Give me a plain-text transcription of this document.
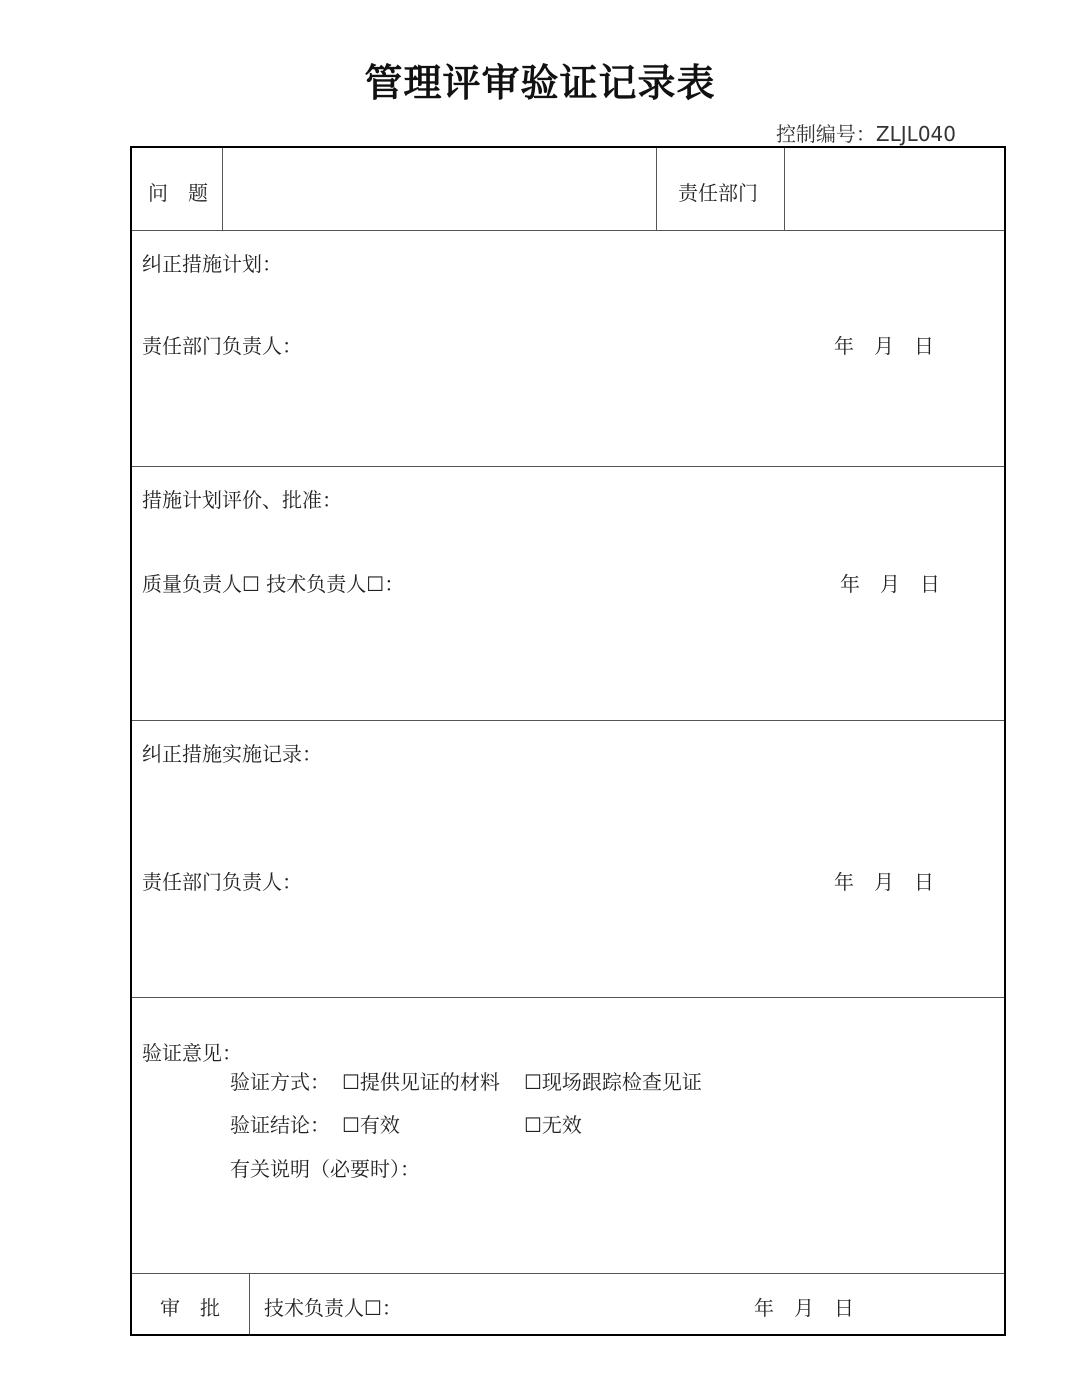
管理评审验证记录表
控制编号：ZLJL040
问　题	责任部门
纠正措施计划：
责任部门负责人：	年　月　日
措施计划评价、批准：
质量负责人☐ 技术负责人☐：	年　月　日
纠正措施实施记录：
责任部门负责人：	年　月　日
验证意见：
验证方式： ☐提供见证的材料 ☐现场跟踪检查见证
验证结论： ☐有效	☐无效
有关说明（必要时）：
审　批 技术负责人☐：	年　月　日
